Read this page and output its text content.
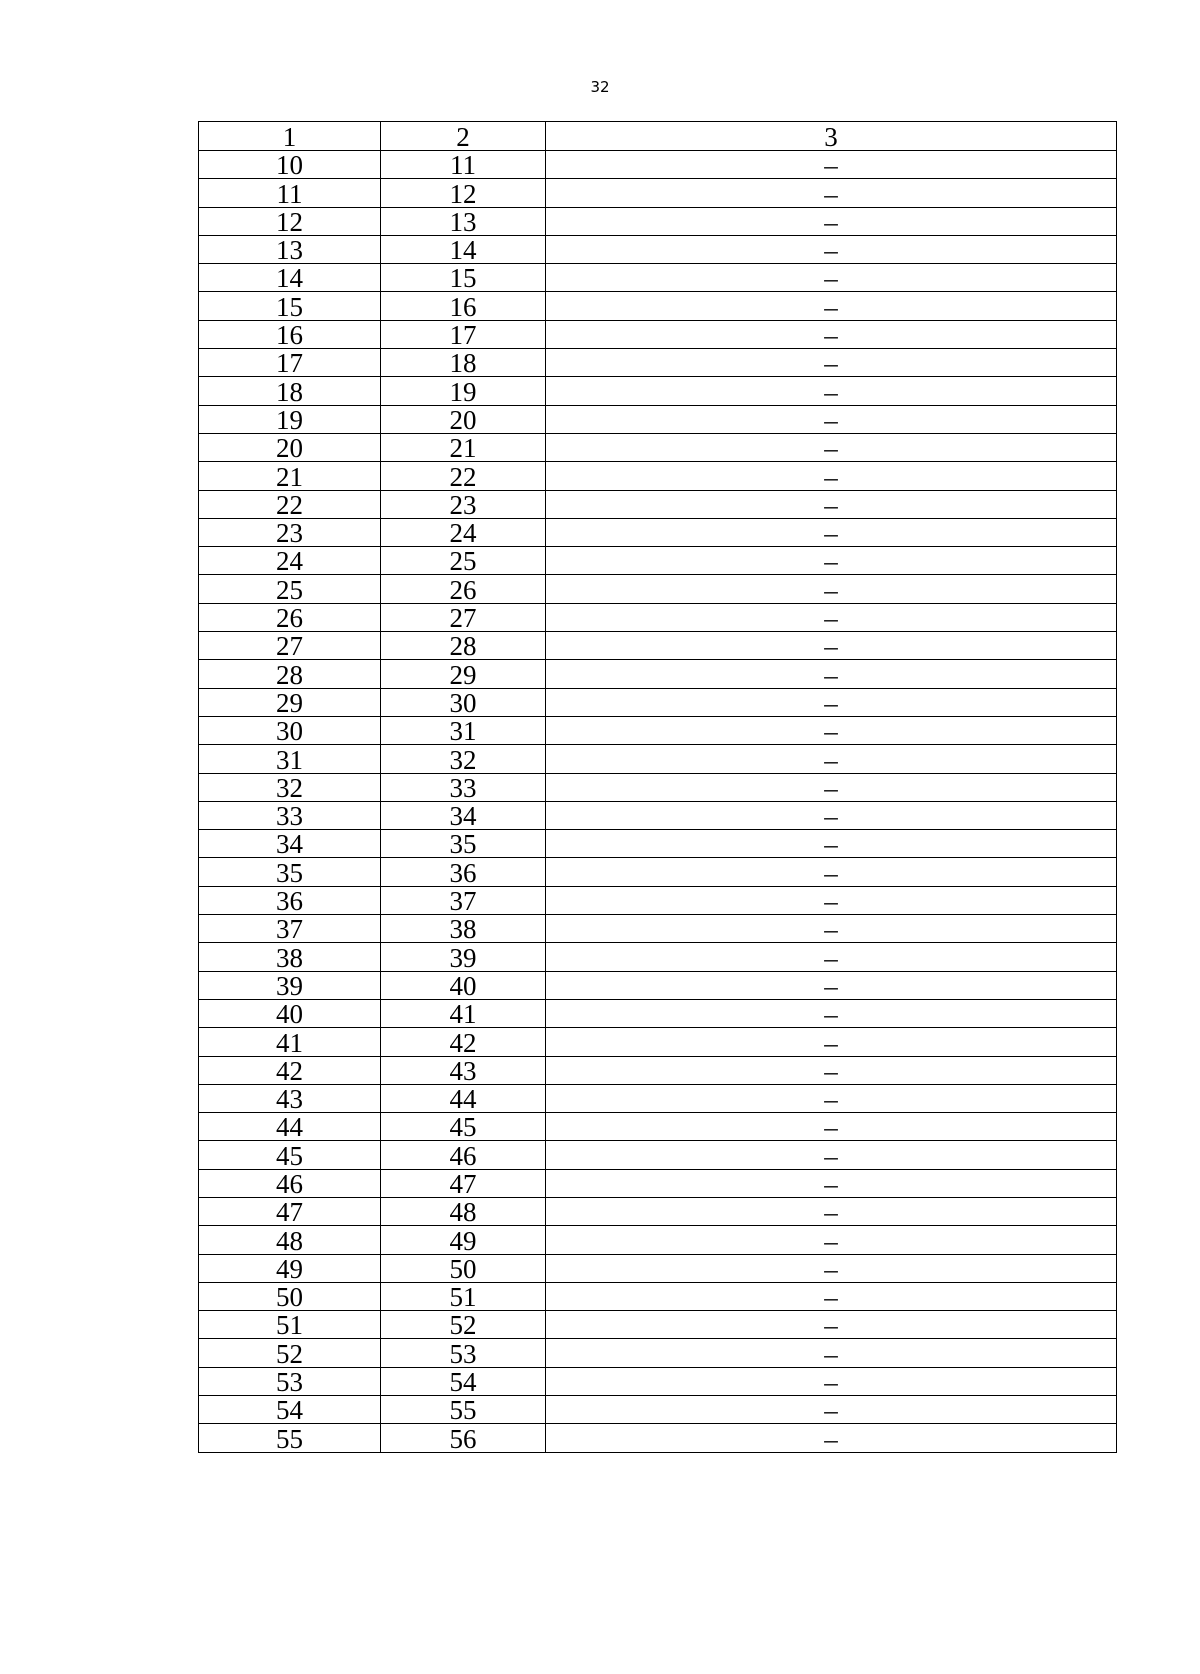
32
1	2	3
10	11	–
11	12	–
12	13	–
13	14	–
14	15	–
15	16	–
16	17	–
17	18	–
18	19	–
19	20	–
20	21	–
21	22	–
22	23	–
23	24	–
24	25	–
25	26	–
26	27	–
27	28	–
28	29	–
29	30	–
30	31	–
31	32	–
32	33	–
33	34	–
34	35	–
35	36	–
36	37	–
37	38	–
38	39	–
39	40	–
40	41	–
41	42	–
42	43	–
43	44	–
44	45	–
45	46	–
46	47	–
47	48	–
48	49	–
49	50	–
50	51	–
51	52	–
52	53	–
53	54	–
54	55	–
55	56	–
